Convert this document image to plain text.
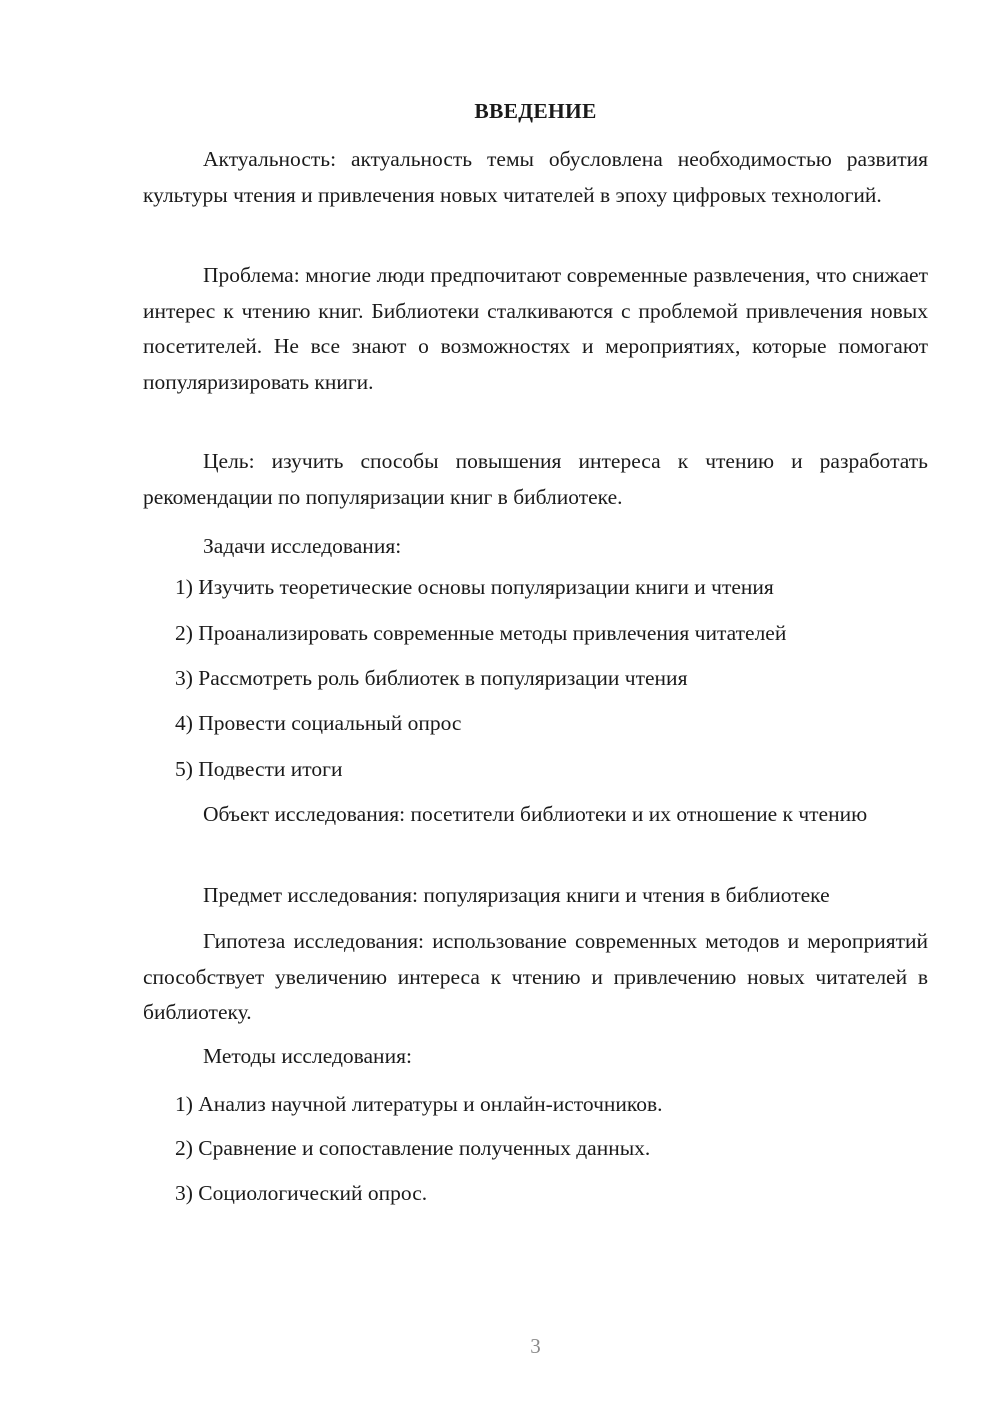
ВВЕДЕНИЕ

Актуальность: актуальность темы обусловлена необходимостью развития культуры чтения и привлечения новых читателей в эпоху цифровых технологий.

Проблема: многие люди предпочитают современные развлечения, что снижает интерес к чтению книг. Библиотеки сталкиваются с проблемой привлечения новых посетителей. Не все знают о возможностях и мероприятиях, которые помогают популяризировать книги.

Цель: изучить способы повышения интереса к чтению и разработать рекомендации по популяризации книг в библиотеке.

Задачи исследования:

1) Изучить теоретические основы популяризации книги и чтения

2) Проанализировать современные методы привлечения читателей

3) Рассмотреть роль библиотек в популяризации чтения

4) Провести социальный опрос

5) Подвести итоги

Объект исследования: посетители библиотеки и их отношение к чтению

Предмет исследования: популяризация книги и чтения в библиотеке

Гипотеза исследования: использование современных методов и мероприятий способствует увеличению интереса к чтению и привлечению новых читателей в библиотеку.

Методы исследования:

1) Анализ научной литературы и онлайн-источников.

2) Сравнение и сопоставление полученных данных.

3) Социологический опрос.

3
